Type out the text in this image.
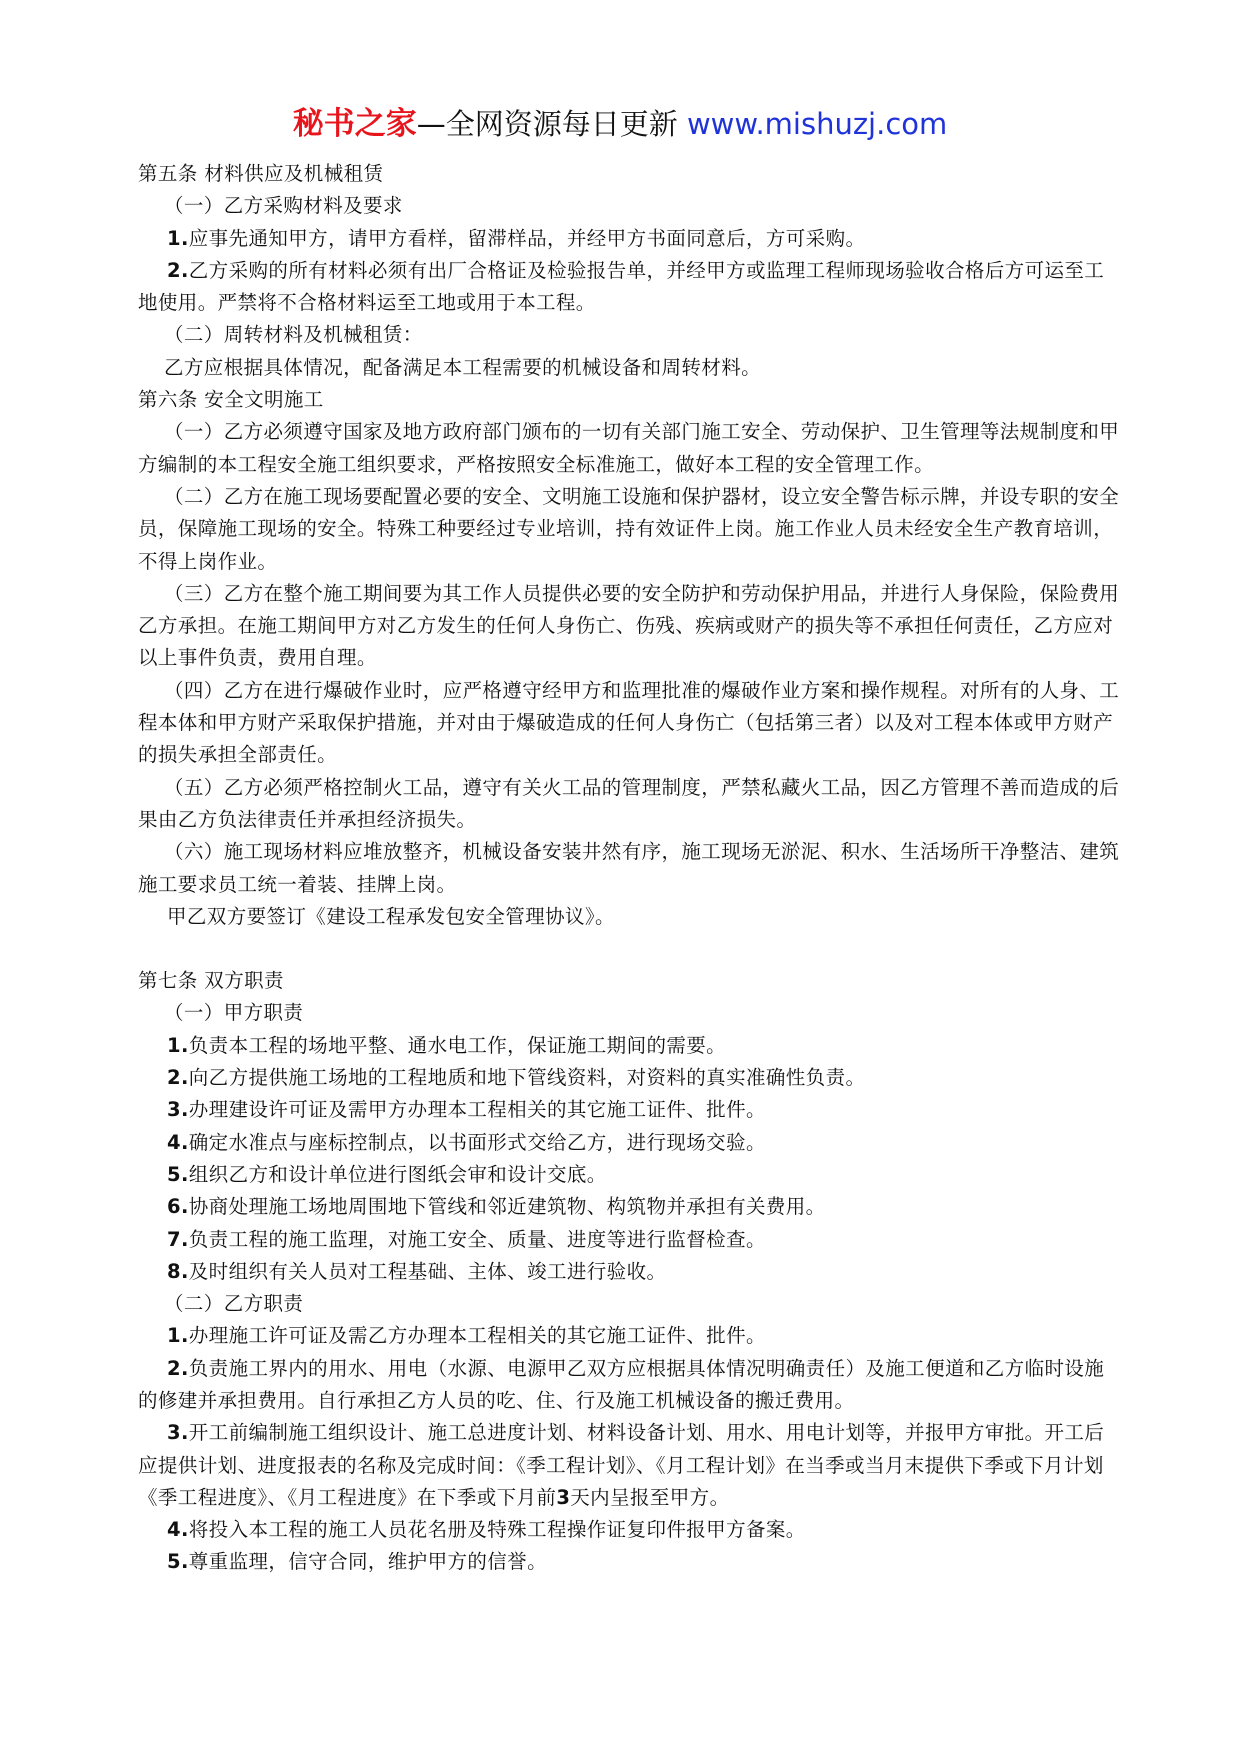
秘书之家—全网资源每日更新 www.mishuzj.com

第五条 材料供应及机械租赁

（一）乙方采购材料及要求

1.应事先通知甲方，请甲方看样，留滞样品，并经甲方书面同意后，方可采购。

2.乙方采购的所有材料必须有出厂合格证及检验报告单，并经甲方或监理工程师现场验收合格后方可运至工地使用。严禁将不合格材料运至工地或用于本工程。

（二）周转材料及机械租赁：

乙方应根据具体情况，配备满足本工程需要的机械设备和周转材料。

第六条 安全文明施工

（一）乙方必须遵守国家及地方政府部门颁布的一切有关部门施工安全、劳动保护、卫生管理等法规制度和甲方编制的本工程安全施工组织要求，严格按照安全标准施工，做好本工程的安全管理工作。

（二）乙方在施工现场要配置必要的安全、文明施工设施和保护器材，设立安全警告标示牌，并设专职的安全员，保障施工现场的安全。特殊工种要经过专业培训，持有效证件上岗。施工作业人员未经安全生产教育培训，不得上岗作业。

（三）乙方在整个施工期间要为其工作人员提供必要的安全防护和劳动保护用品，并进行人身保险，保险费用乙方承担。在施工期间甲方对乙方发生的任何人身伤亡、伤残、疾病或财产的损失等不承担任何责任，乙方应对以上事件负责，费用自理。

（四）乙方在进行爆破作业时，应严格遵守经甲方和监理批准的爆破作业方案和操作规程。对所有的人身、工程本体和甲方财产采取保护措施，并对由于爆破造成的任何人身伤亡（包括第三者）以及对工程本体或甲方财产的损失承担全部责任。

（五）乙方必须严格控制火工品，遵守有关火工品的管理制度，严禁私藏火工品，因乙方管理不善而造成的后果由乙方负法律责任并承担经济损失。

（六）施工现场材料应堆放整齐，机械设备安装井然有序，施工现场无淤泥、积水、生活场所干净整洁、建筑施工要求员工统一着装、挂牌上岗。

甲乙双方要签订《建设工程承发包安全管理协议》。

第七条 双方职责

（一）甲方职责

1.负责本工程的场地平整、通水电工作，保证施工期间的需要。

2.向乙方提供施工场地的工程地质和地下管线资料，对资料的真实准确性负责。

3.办理建设许可证及需甲方办理本工程相关的其它施工证件、批件。

4.确定水准点与座标控制点，以书面形式交给乙方，进行现场交验。

5.组织乙方和设计单位进行图纸会审和设计交底。

6.协商处理施工场地周围地下管线和邻近建筑物、构筑物并承担有关费用。

7.负责工程的施工监理，对施工安全、质量、进度等进行监督检查。

8.及时组织有关人员对工程基础、主体、竣工进行验收。

（二）乙方职责

1.办理施工许可证及需乙方办理本工程相关的其它施工证件、批件。

2.负责施工界内的用水、用电（水源、电源甲乙双方应根据具体情况明确责任）及施工便道和乙方临时设施的修建并承担费用。自行承担乙方人员的吃、住、行及施工机械设备的搬迁费用。

3.开工前编制施工组织设计、施工总进度计划、材料设备计划、用水、用电计划等，并报甲方审批。开工后应提供计划、进度报表的名称及完成时间：《季工程计划》、《月工程计划》在当季或当月末提供下季或下月计划《季工程进度》、《月工程进度》在下季或下月前3天内呈报至甲方。

4.将投入本工程的施工人员花名册及特殊工程操作证复印件报甲方备案。

5.尊重监理，信守合同，维护甲方的信誉。
